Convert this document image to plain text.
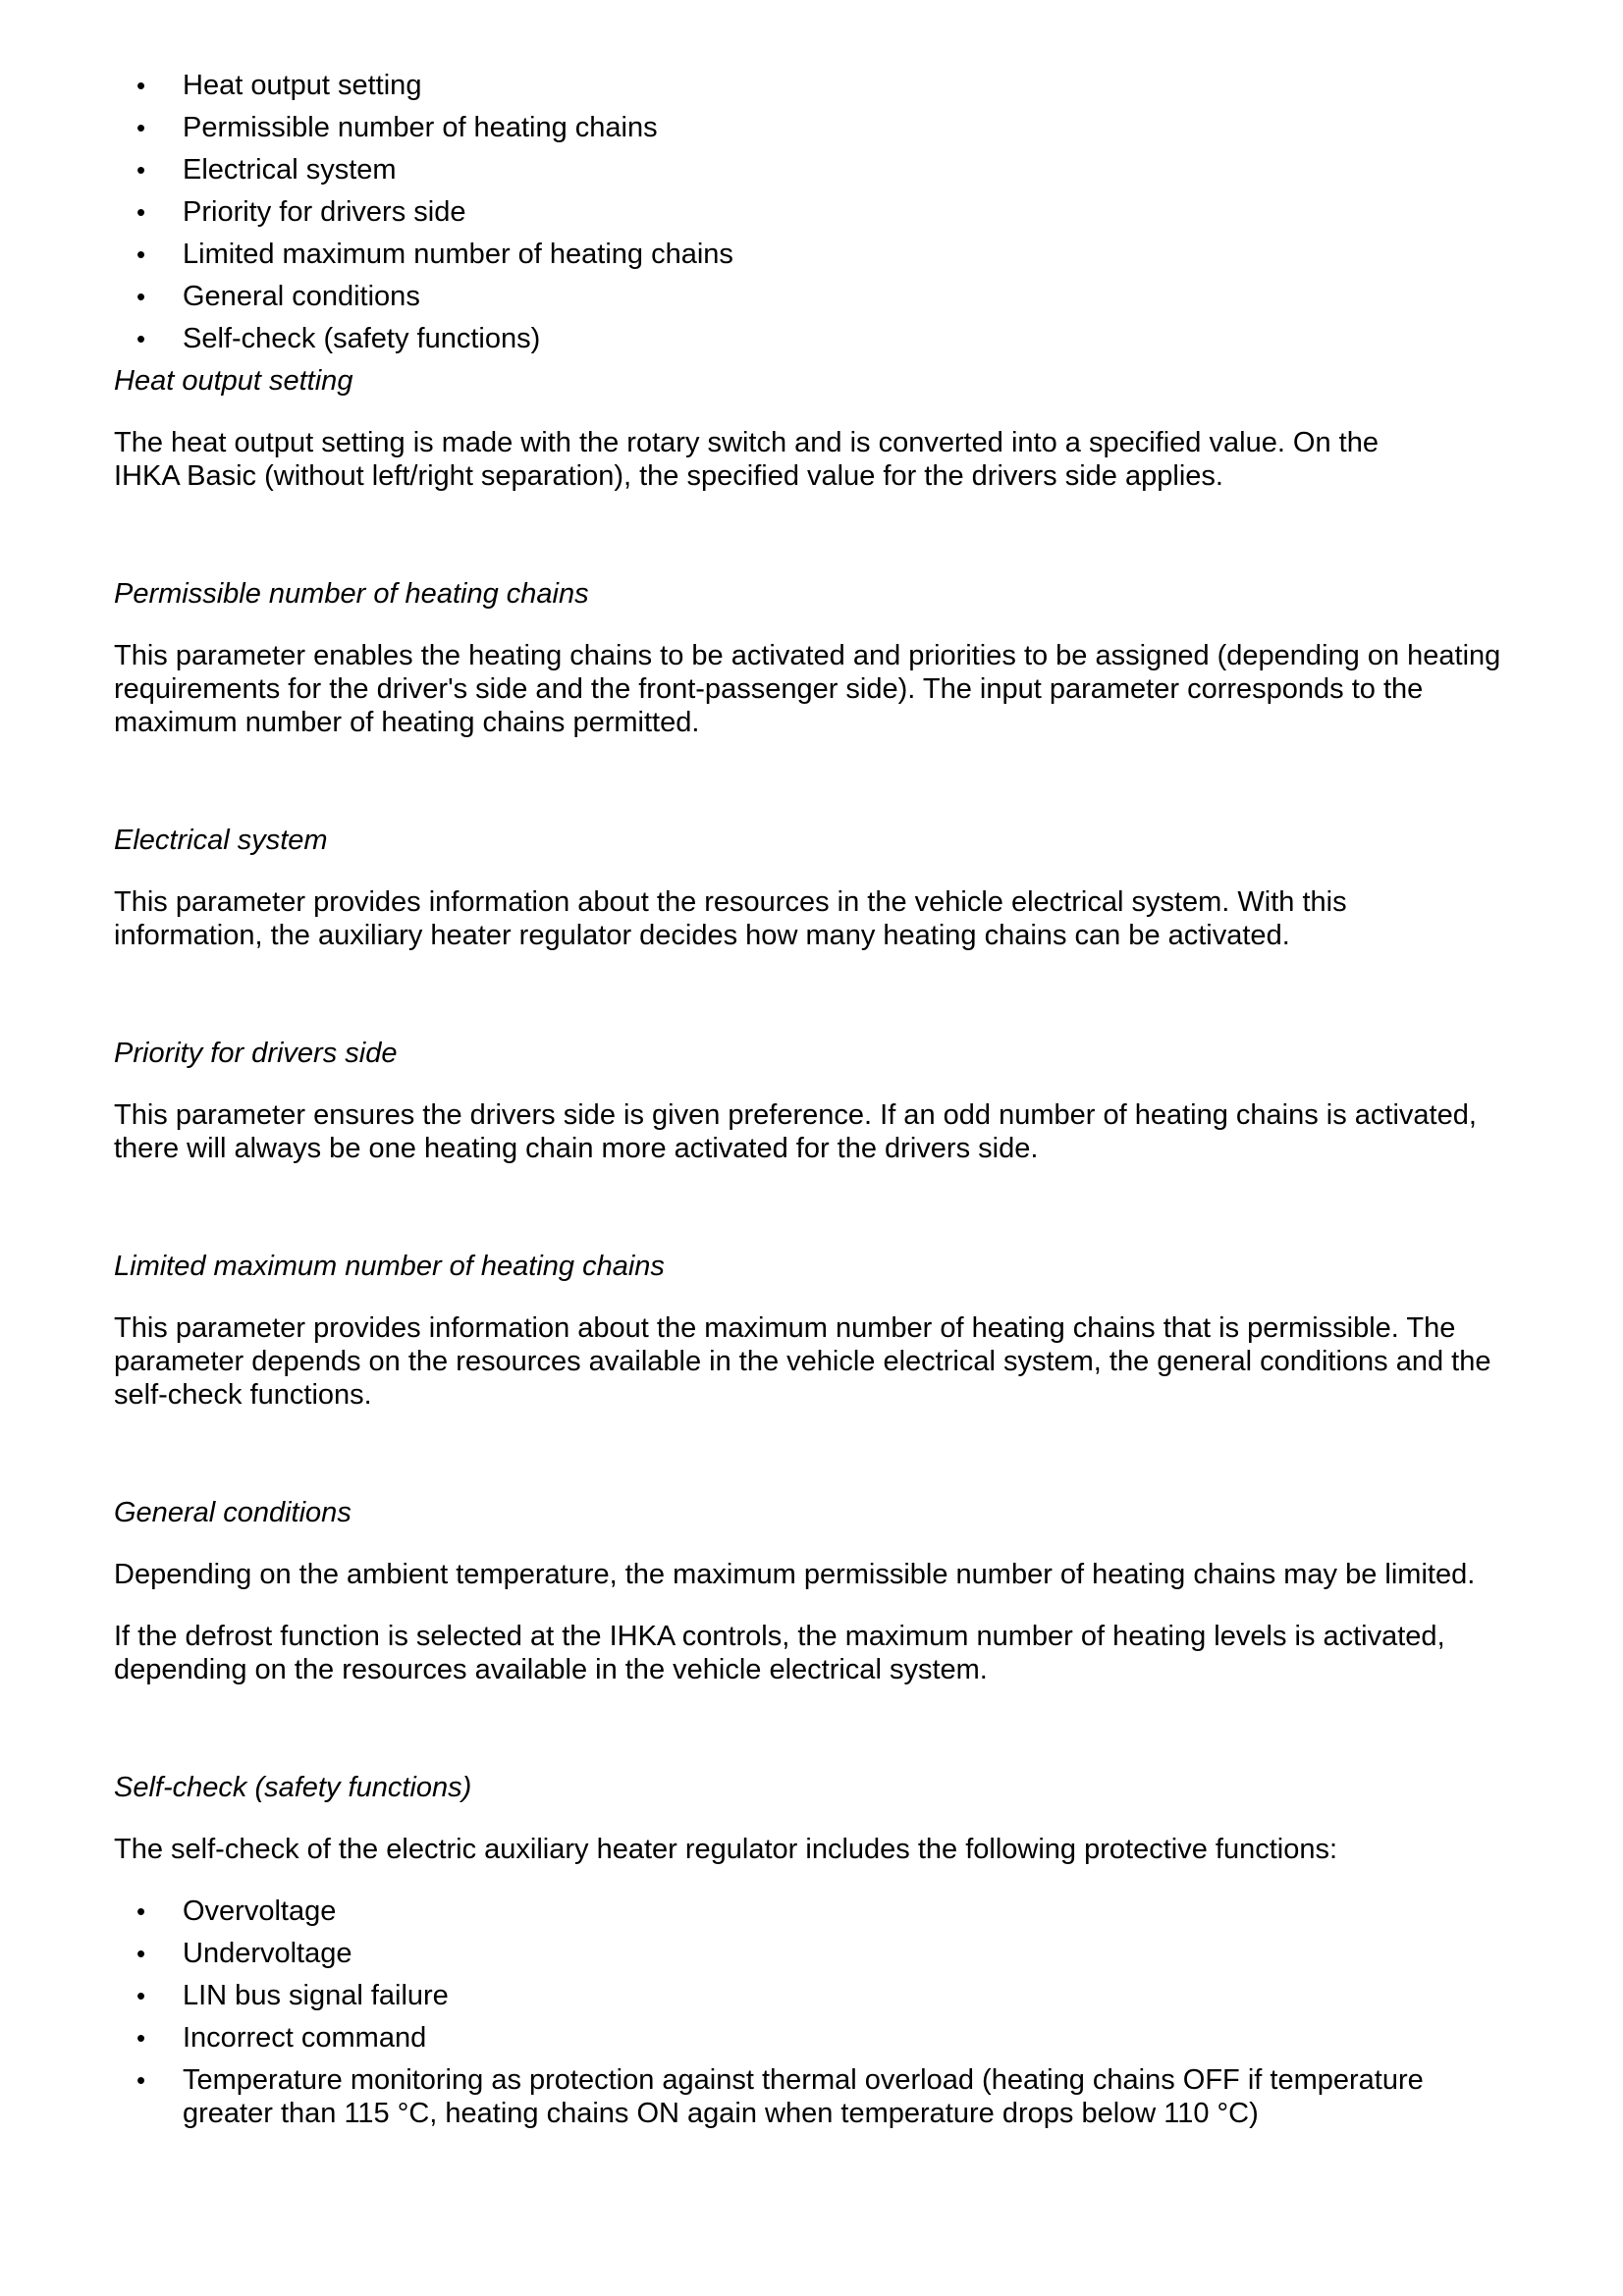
• Heat output setting
• Permissible number of heating chains
• Electrical system
• Priority for drivers side
• Limited maximum number of heating chains
• General conditions
• Self-check (safety functions)

Heat output setting

The heat output setting is made with the rotary switch and is converted into a specified value. On the
IHKA Basic (without left/right separation), the specified value for the drivers side applies.

Permissible number of heating chains

This parameter enables the heating chains to be activated and priorities to be assigned (depending on heating
requirements for the driver's side and the front-passenger side). The input parameter corresponds to the
maximum number of heating chains permitted.

Electrical system

This parameter provides information about the resources in the vehicle electrical system. With this
information, the auxiliary heater regulator decides how many heating chains can be activated.

Priority for drivers side

This parameter ensures the drivers side is given preference. If an odd number of heating chains is activated,
there will always be one heating chain more activated for the drivers side.

Limited maximum number of heating chains

This parameter provides information about the maximum number of heating chains that is permissible. The
parameter depends on the resources available in the vehicle electrical system, the general conditions and the
self-check functions.

General conditions

Depending on the ambient temperature, the maximum permissible number of heating chains may be limited.

If the defrost function is selected at the IHKA controls, the maximum number of heating levels is activated,
depending on the resources available in the vehicle electrical system.

Self-check (safety functions)

The self-check of the electric auxiliary heater regulator includes the following protective functions:

• Overvoltage
• Undervoltage
• LIN bus signal failure
• Incorrect command
• Temperature monitoring as protection against thermal overload (heating chains OFF if temperature
greater than 115 °C, heating chains ON again when temperature drops below 110 °C)
